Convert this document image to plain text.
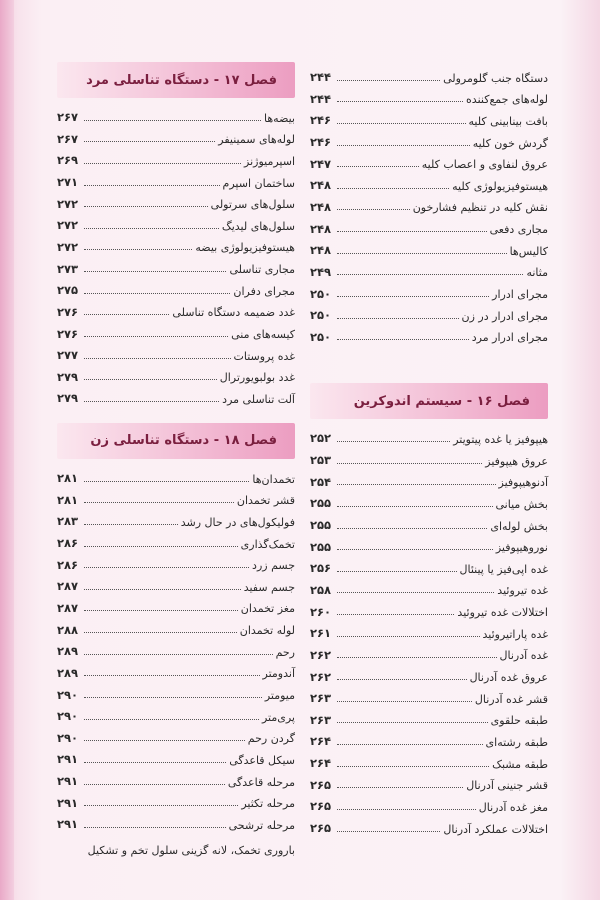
دستگاه جنب گلومرولی
۲۴۴
لوله‌های جمع‌کننده
۲۴۴
بافت بینابینی کلیه
۲۴۶
گردش خون کلیه
۲۴۶
عروق لنفاوی و اعصاب کلیه
۲۴۷
هیستوفیزیولوژی کلیه
۲۴۸
نقش کلیه در تنظیم فشارخون
۲۴۸
مجاری دفعی
۲۴۸
کالیس‌ها
۲۴۸
مثانه
۲۴۹
مجرای ادرار
۲۵۰
مجرای ادرار در زن
۲۵۰
مجرای ادرار مرد
۲۵۰
فصل ۱۶ - سیستم اندوکرین
هیپوفیز یا غده پیتویتر
۲۵۲
عروق هیپوفیز
۲۵۳
آدنوهیپوفیز
۲۵۴
بخش میانی
۲۵۵
بخش لوله‌ای
۲۵۵
نوروهیپوفیز
۲۵۵
غده اپی‌فیز یا پینئال
۲۵۶
غده تیروئید
۲۵۸
اختلالات غده تیروئید
۲۶۰
غده پاراتیروئید
۲۶۱
غده آدرنال
۲۶۲
عروق غده آدرنال
۲۶۲
قشر غده آدرنال
۲۶۳
طبقه حلقوی
۲۶۳
طبقه رشته‌ای
۲۶۴
طبقه مشبک
۲۶۴
قشر جنینی آدرنال
۲۶۵
مغز غده آدرنال
۲۶۵
اختلالات عملکرد آدرنال
۲۶۵
فصل ۱۷ - دستگاه تناسلی مرد
بیضه‌ها
۲۶۷
لوله‌های سمینیفر
۲۶۷
اسپرمیوژنز
۲۶۹
ساختمان اسپرم
۲۷۱
سلول‌های سرتولی
۲۷۲
سلول‌های لیدیگ
۲۷۲
هیستوفیزیولوژی بیضه
۲۷۲
مجاری تناسلی
۲۷۳
مجرای دفران
۲۷۵
غدد ضمیمه دستگاه تناسلی
۲۷۶
کیسه‌های منی
۲۷۶
غده پروستات
۲۷۷
غدد بولبویورترال
۲۷۹
آلت تناسلی مرد
۲۷۹
فصل ۱۸ - دستگاه تناسلی زن
تخمدان‌ها
۲۸۱
قشر تخمدان
۲۸۱
فولیکول‌های در حال رشد
۲۸۳
تخمک‌گذاری
۲۸۶
جسم زرد
۲۸۶
جسم سفید
۲۸۷
مغز تخمدان
۲۸۷
لوله تخمدان
۲۸۸
رحم
۲۸۹
آندومتر
۲۸۹
میومتر
۲۹۰
پری‌متر
۲۹۰
گردن رحم
۲۹۰
سیکل قاعدگی
۲۹۱
مرحله قاعدگی
۲۹۱
مرحله تکثیر
۲۹۱
مرحله ترشحی
۲۹۱
باروری تخمک، لانه گزینی سلول تخم و تشکیل
